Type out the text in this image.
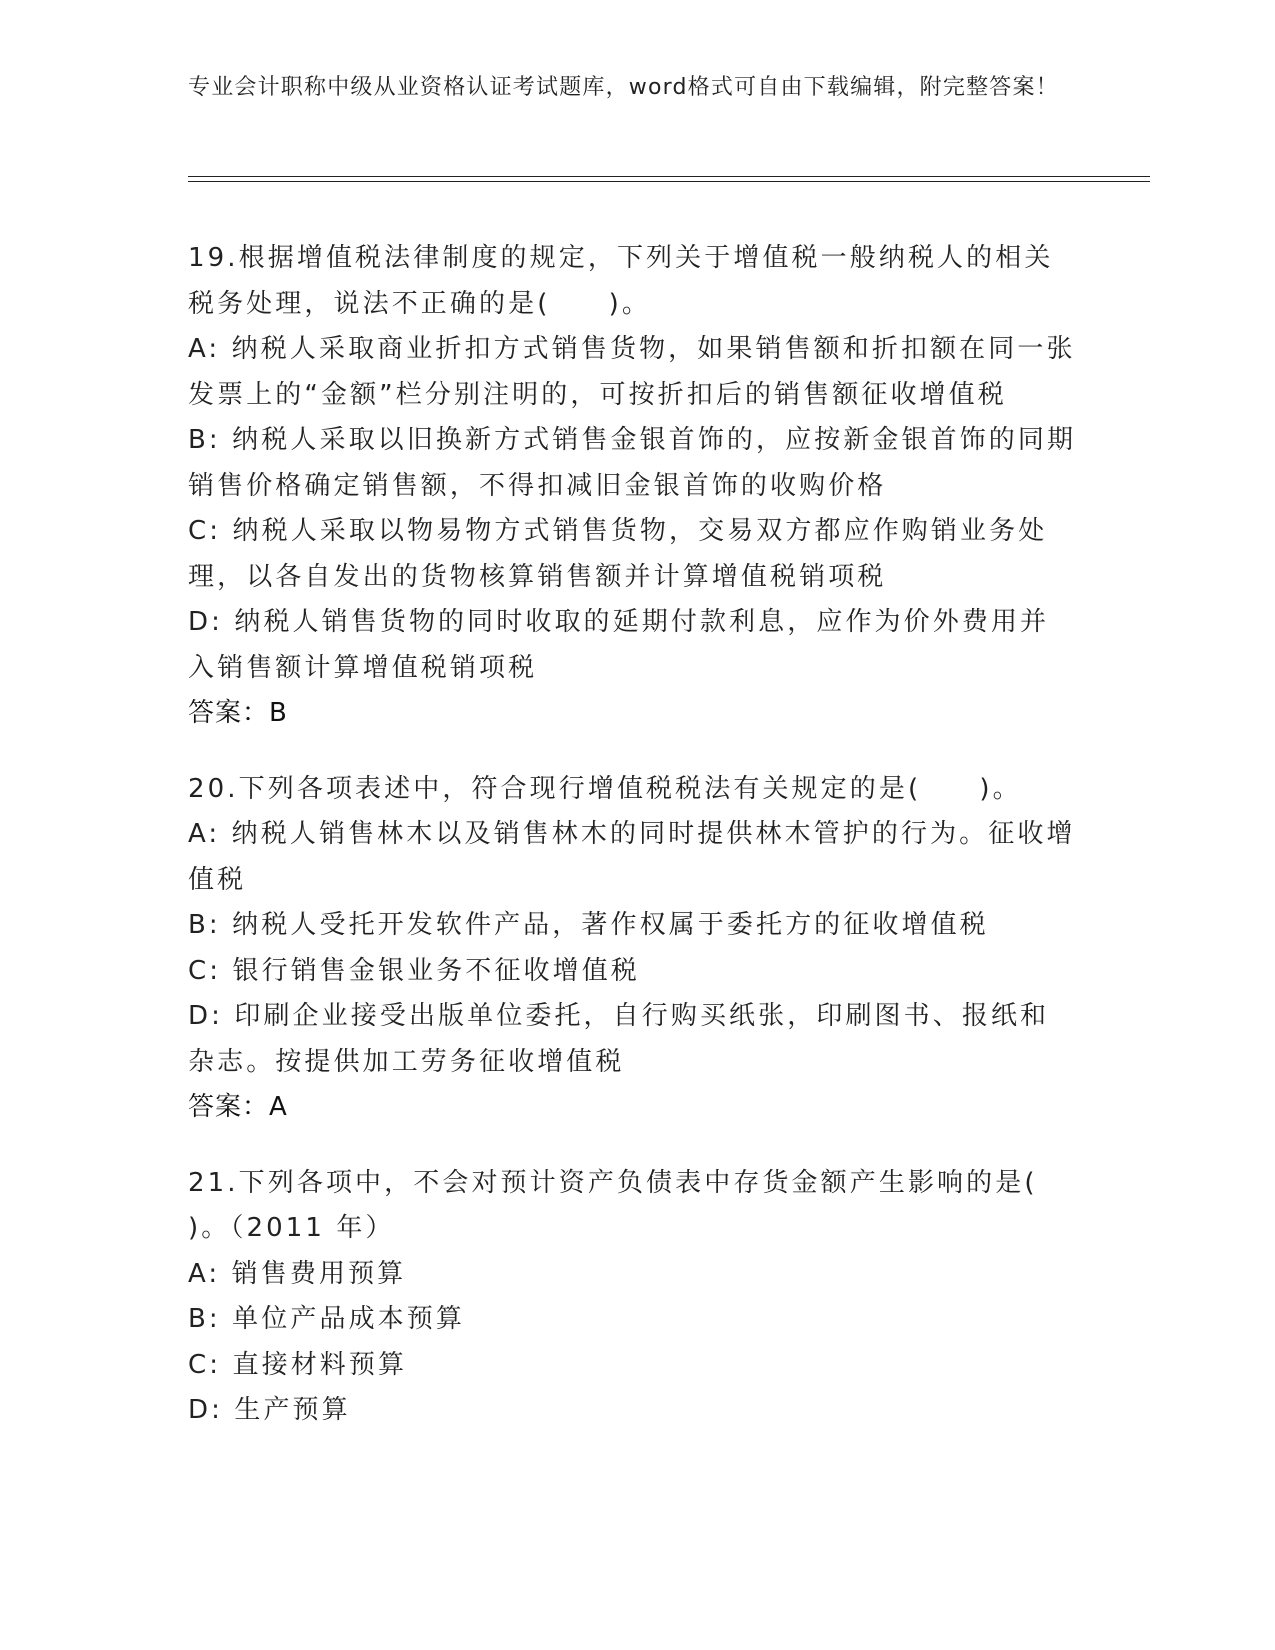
专业会计职称中级从业资格认证考试题库，word格式可自由下载编辑，附完整答案！
19.根据增值税法律制度的规定，下列关于增值税一般纳税人的相关税务处理，说法不正确的是(　　)。
A: 纳税人采取商业折扣方式销售货物，如果销售额和折扣额在同一张发票上的“金额”栏分别注明的，可按折扣后的销售额征收增值税
B: 纳税人采取以旧换新方式销售金银首饰的，应按新金银首饰的同期销售价格确定销售额，不得扣减旧金银首饰的收购价格
C: 纳税人采取以物易物方式销售货物，交易双方都应作购销业务处理，以各自发出的货物核算销售额并计算增值税销项税
D: 纳税人销售货物的同时收取的延期付款利息，应作为价外费用并入销售额计算增值税销项税
答案：B
20.下列各项表述中，符合现行增值税税法有关规定的是(　　)。
A: 纳税人销售林木以及销售林木的同时提供林木管护的行为。征收增值税
B: 纳税人受托开发软件产品，著作权属于委托方的征收增值税
C: 银行销售金银业务不征收增值税
D: 印刷企业接受出版单位委托，自行购买纸张，印刷图书、报纸和杂志。按提供加工劳务征收增值税
答案：A
21.下列各项中，不会对预计资产负债表中存货金额产生影响的是(　　)。（2011 年）
A: 销售费用预算
B: 单位产品成本预算
C: 直接材料预算
D: 生产预算
